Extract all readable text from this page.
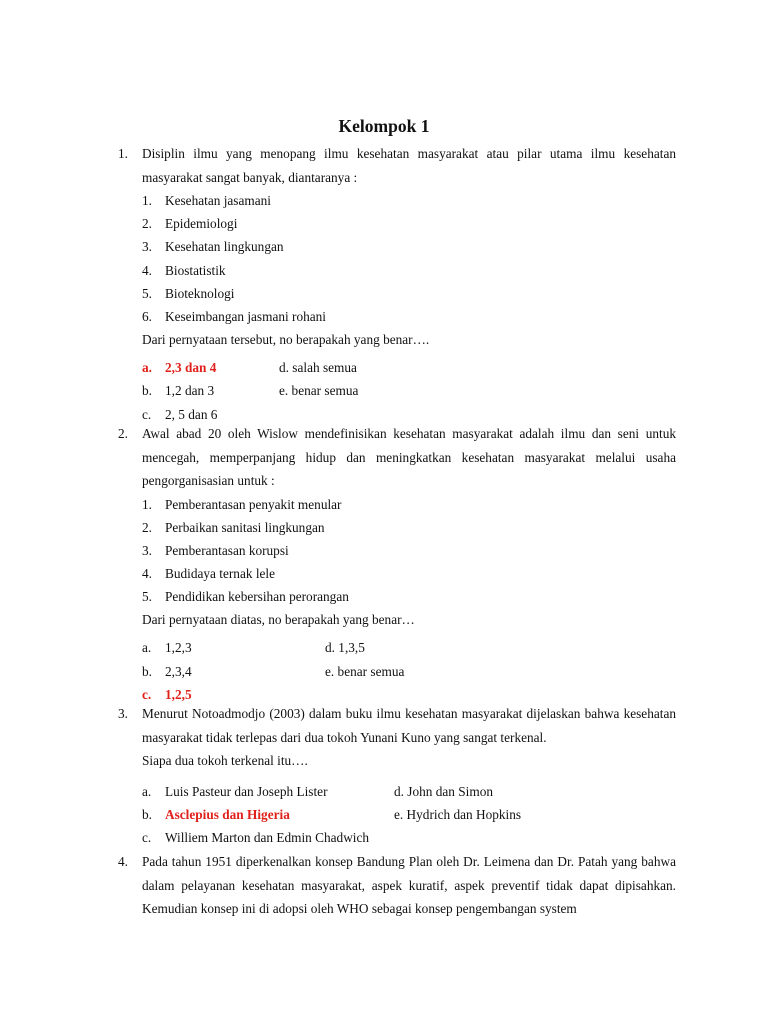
Kelompok 1
1. Disiplin ilmu yang menopang ilmu kesehatan masyarakat atau pilar utama ilmu kesehatan masyarakat sangat banyak, diantaranya :
1. Kesehatan jasamani
2. Epidemiologi
3. Kesehatan lingkungan
4. Biostatistik
5. Bioteknologi
6. Keseimbangan jasmani rohani
Dari pernyataan tersebut, no berapakah yang benar….
a. 2,3 dan 4	d. salah semua
b. 1,2 dan 3	e. benar semua
c. 2, 5 dan 6
2. Awal abad 20 oleh Wislow mendefinisikan kesehatan masyarakat adalah ilmu dan seni untuk mencegah, memperpanjang hidup dan meningkatkan kesehatan masyarakat melalui usaha pengorganisasian untuk :
1. Pemberantasan penyakit menular
2. Perbaikan sanitasi lingkungan
3. Pemberantasan korupsi
4. Budidaya ternak lele
5. Pendidikan kebersihan perorangan
Dari pernyataan diatas, no berapakah yang benar…
a. 1,2,3	d. 1,3,5
b. 2,3,4	e. benar semua
c. 1,2,5
3. Menurut Notoadmodjo (2003) dalam buku ilmu kesehatan masyarakat dijelaskan bahwa kesehatan masyarakat tidak terlepas dari dua tokoh Yunani Kuno yang sangat terkenal.
Siapa dua tokoh terkenal itu….
a. Luis Pasteur dan Joseph Lister	d. John dan Simon
b. Asclepius dan Higeria	e. Hydrich dan Hopkins
c. Williem Marton dan Edmin Chadwich
4. Pada tahun 1951 diperkenalkan konsep Bandung Plan oleh Dr. Leimena dan Dr. Patah yang bahwa dalam pelayanan kesehatan masyarakat, aspek kuratif, aspek preventif tidak dapat dipisahkan. Kemudian konsep ini di adopsi oleh WHO sebagai konsep pengembangan system
